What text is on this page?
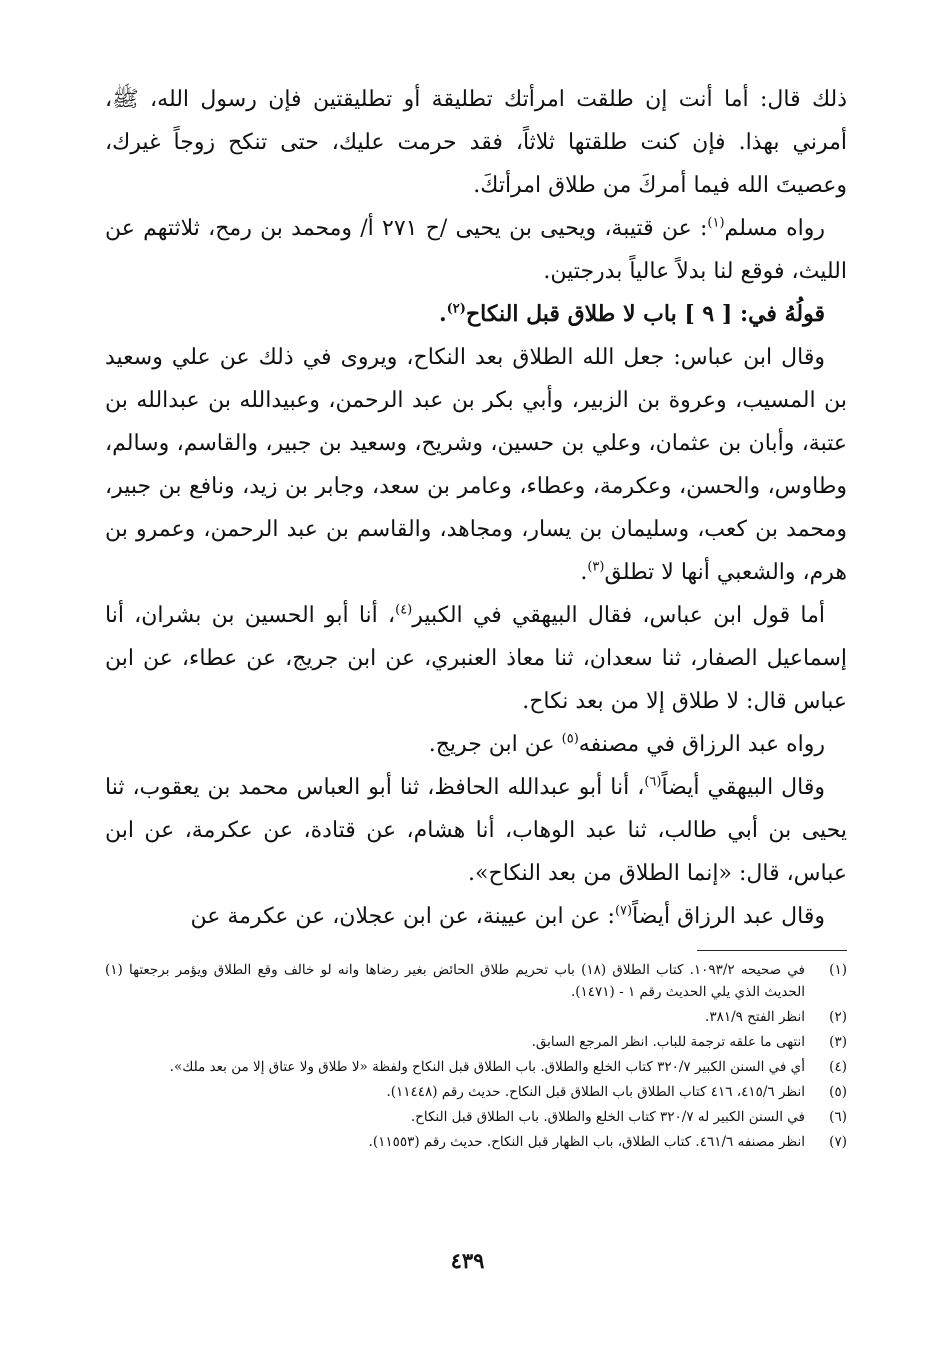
ذلك قال: أما أنت إن طلقت امرأتك تطليقة أو تطليقتين فإن رسول الله، ﷺ، أمرني بهذا. فإن كنت طلقتها ثلاثاً، فقد حرمت عليك، حتى تنكح زوجاً غيرك، وعصيتَ الله فيما أمركَ من طلاق امرأتكَ.

رواه مسلم$^{(١)}$: عن قتيبة، ويحيى بن يحيى /ح ٢٧١ أ/ ومحمد بن رمح، ثلاثتهم عن الليث، فوقع لنا بدلاً عالياً بدرجتين.

قولُهُ في: [ ٩ ] باب لا طلاق قبل النكاح$^{(٢)}$.

وقال ابن عباس: جعل الله الطلاق بعد النكاح، ويروى في ذلك عن علي وسعيد بن المسيب، وعروة بن الزبير، وأبي بكر بن عبد الرحمن، وعبيدالله بن عبدالله بن عتبة، وأبان بن عثمان، وعلي بن حسين، وشريح، وسعيد بن جبير، والقاسم، وسالم، وطاوس، والحسن، وعكرمة، وعطاء، وعامر بن سعد، وجابر بن زيد، ونافع بن جبير، ومحمد بن كعب، وسليمان بن يسار، ومجاهد، والقاسم بن عبد الرحمن، وعمرو بن هرم، والشعبي أنها لا تطلق$^{(٣)}$.

أما قول ابن عباس، فقال البيهقي في الكبير$^{(٤)}$، أنا أبو الحسين بن بشران، أنا إسماعيل الصفار، ثنا سعدان، ثنا معاذ العنبري، عن ابن جريج، عن عطاء، عن ابن عباس قال: لا طلاق إلا من بعد نكاح.

رواه عبد الرزاق في مصنفه$^{(٥)}$ عن ابن جريج.

وقال البيهقي أيضاً$^{(٦)}$، أنا أبو عبدالله الحافظ، ثنا أبو العباس محمد بن يعقوب، ثنا يحيى بن أبي طالب، ثنا عبد الوهاب، أنا هشام، عن قتادة، عن عكرمة، عن ابن عباس، قال: «إنما الطلاق من بعد النكاح».

وقال عبد الرزاق أيضاً$^{(٧)}$: عن ابن عيينة، عن ابن عجلان، عن عكرمة عن

(١)
في صحيحه ١٠٩٣/٢. كتاب الطلاق (١٨) باب تحريم طلاق الحائض بغير رضاها وانه لو خالف وقع الطلاق ويؤمر برجعتها (١) الحديث الذي يلي الحديث رقم ١ - (١٤٧١).
(٢)
انظر الفتح ٣٨١/٩.
(٣)
انتهى ما علقه ترجمة للباب. انظر المرجع السابق.
(٤)
أي في السنن الكبير ٣٢٠/٧ كتاب الخلع والطلاق. باب الطلاق قبل النكاح ولفظة «لا طلاق ولا عتاق إلا من بعد ملك».
(٥)
انظر ٤١٥/٦، ٤١٦ كتاب الطلاق باب الطلاق قبل النكاح. حديث رقم (١١٤٤٨).
(٦)
في السنن الكبير له ٣٢٠/٧ كتاب الخلع والطلاق. باب الطلاق قبل النكاح.
(٧)
انظر مصنفه ٤٦١/٦. كتاب الطلاق، باب الظهار قبل النكاح. حديث رقم (١١٥٥٣).
٤٣٩
